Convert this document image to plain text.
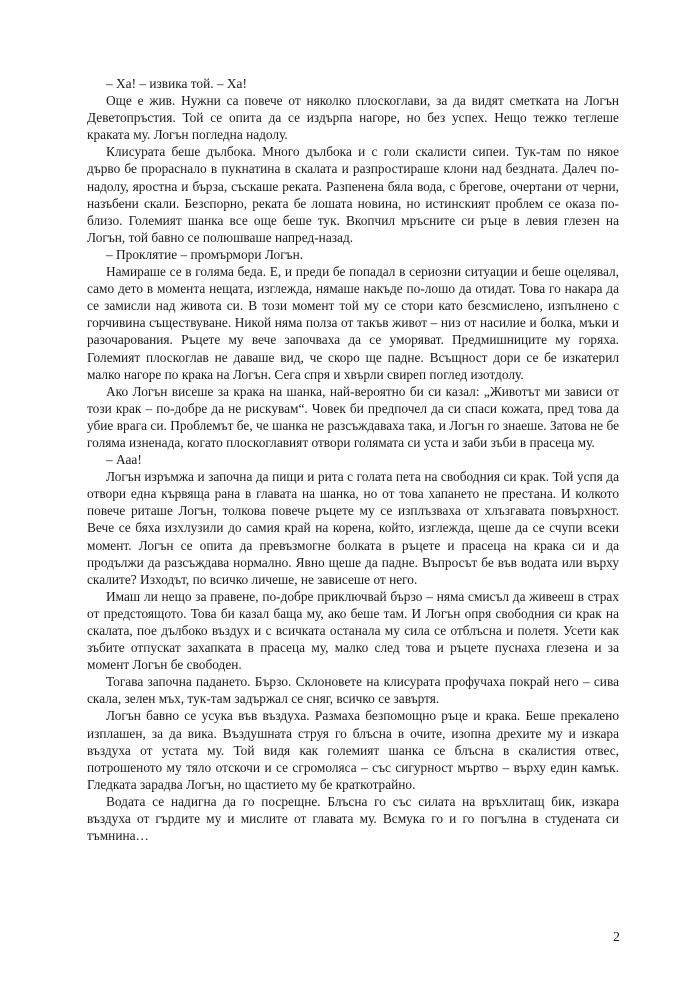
– Ха! – извика той. – Ха!

Още е жив. Нужни са повече от няколко плоскоглави, за да видят сметката на Логън Деветопръстия. Той се опита да се издърпа нагоре, но без успех. Нещо тежко теглеше краката му. Логън погледна надолу.

Клисурата беше дълбока. Много дълбока и с голи скалисти сипеи. Тук-там по някое дърво бе прораснало в пукнатина в скалата и разпростираше клони над бездната. Далеч по-надолу, яростна и бърза, съскаше реката. Разпенена бяла вода, с брегове, очертани от черни, назъбени скали. Безспорно, реката бе лошата новина, но истинският проблем се оказа по-близо. Големият шанка все още беше тук. Вкопчил мръсните си ръце в левия глезен на Логън, той бавно се полюшваше напред-назад.

– Проклятие – промърмори Логън.

Намираше се в голяма беда. Е, и преди бе попадал в сериозни ситуации и беше оцелявал, само дето в момента нещата, изглежда, нямаше накъде по-лошо да отидат. Това го накара да се замисли над живота си. В този момент той му се стори като безсмислено, изпълнено с горчивина съществуване. Никой няма полза от такъв живот – низ от насилие и болка, мъки и разочарования. Ръцете му вече започваха да се уморяват. Предмишниците му горяха. Големият плоскоглав не даваше вид, че скоро ще падне. Всъщност дори се бе изкатерил малко нагоре по крака на Логън. Сега спря и хвърли свиреп поглед изотдолу.

Ако Логън висеше за крака на шанка, най-вероятно би си казал: „Животът ми зависи от този крак – по-добре да не рискувам“. Човек би предпочел да си спаси кожата, пред това да убие врага си. Проблемът бе, че шанка не разсъждаваха така, и Логън го знаеше. Затова не бе голяма изненада, когато плоскоглавият отвори голямата си уста и заби зъби в прасеца му.

– Ааа!

Логън изръмжа и започна да пищи и рита с голата пета на свободния си крак. Той успя да отвори една кървяща рана в главата на шанка, но от това хапането не престана. И колкото повече риташе Логън, толкова повече ръцете му се изплъзваха от хлъзгавата повърхност. Вече се бяха изхлузили до самия край на корена, който, изглежда, щеше да се счупи всеки момент. Логън се опита да превъзмогне болката в ръцете и прасеца на крака си и да продължи да разсъждава нормално. Явно щеше да падне. Въпросът бе във водата или върху скалите? Изходът, по всичко личеше, не зависеше от него.

Имаш ли нещо за правене, по-добре приключвай бързо – няма смисъл да живееш в страх от предстоящото. Това би казал баща му, ако беше там. И Логън опря свободния си крак на скалата, пое дълбоко въздух и с всичката останала му сила се отблъсна и полетя. Усети как зъбите отпускат захапката в прасеца му, малко след това и ръцете пуснаха глезена и за момент Логън бе свободен.

Тогава започна падането. Бързо. Склоновете на клисурата профучаха покрай него – сива скала, зелен мъх, тук-там задържал се сняг, всичко се завъртя.

Логън бавно се усука във въздуха. Размаха безпомощно ръце и крака. Беше прекалено изплашен, за да вика. Въздушната струя го блъсна в очите, изопна дрехите му и изкара въздуха от устата му. Той видя как големият шанка се блъсна в скалистия отвес, потрошеното му тяло отскочи и се сгромоляса – със сигурност мъртво – върху един камък. Гледката зарадва Логън, но щастието му бе краткотрайно.

Водата се надигна да го посрещне. Блъсна го със силата на връхлитащ бик, изкара въздуха от гърдите му и мислите от главата му. Всмука го и го погълна в студената си тъмнина…

2
